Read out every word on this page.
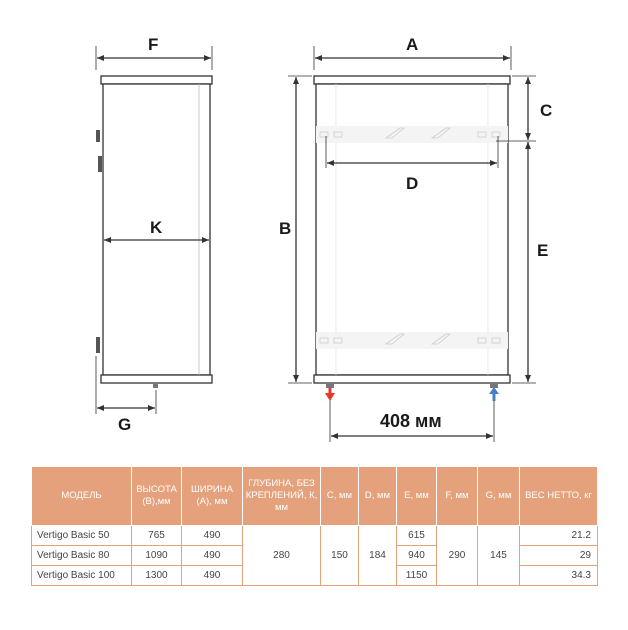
F
K
G
A
B
C
D
E
408 мм
МОДЕЛЬ	ВЫСОТА (В),мм	ШИРИНА (А), мм	ГЛУБИНА, БЕЗ КРЕПЛЕНИЙ, К, мм	C, мм	D, мм	E, мм	F, мм	G, мм	ВЕС НЕТТО, кг
Vertigo Basic 50	765	490	280	150	184	615	290	145	21.2
Vertigo Basic 80	1090	490				940			29
Vertigo Basic 100	1300	490				1150			34.3
